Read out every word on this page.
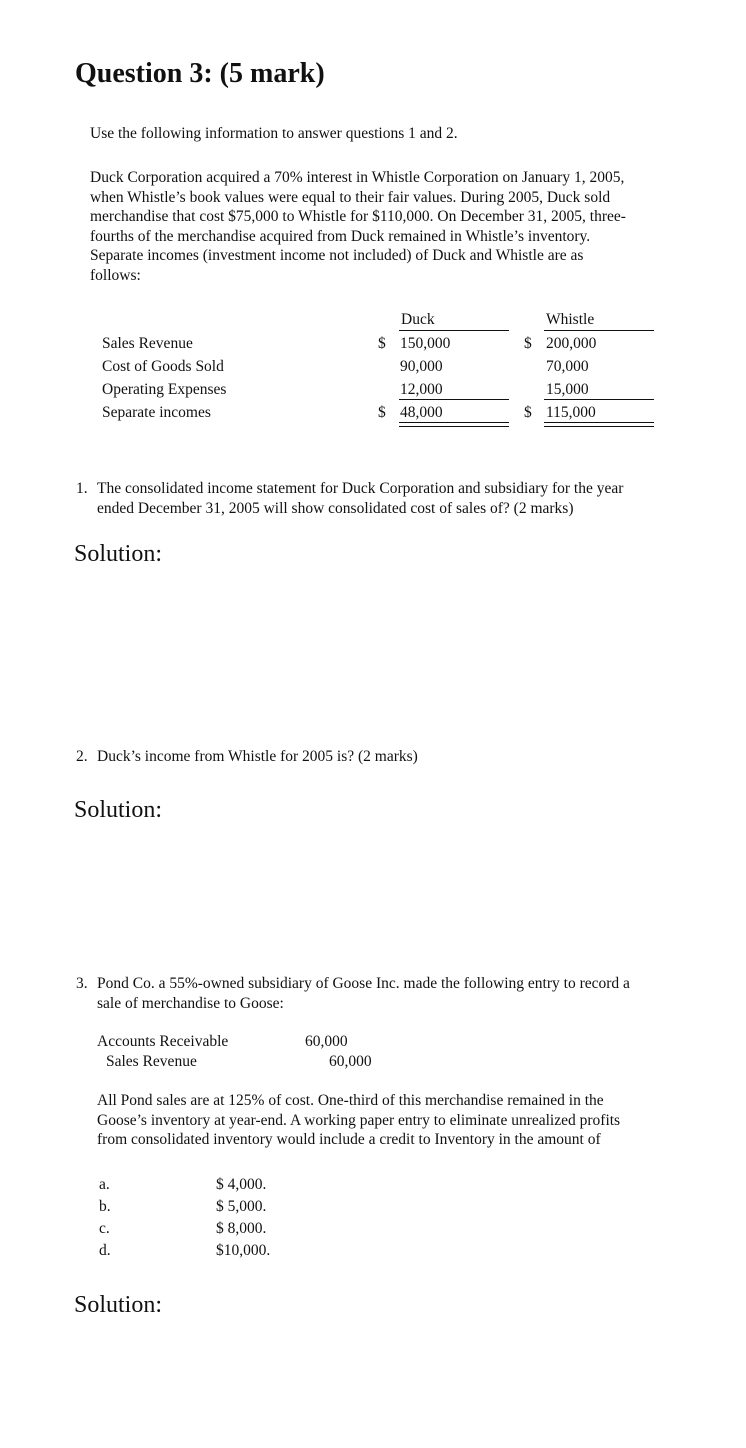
Question 3: (5 mark)
Use the following information to answer questions 1 and 2.
Duck Corporation acquired a 70% interest in Whistle Corporation on January 1, 2005,
when Whistle’s book values were equal to their fair values. During 2005, Duck sold
merchandise that cost $75,000 to Whistle for $110,000. On December 31, 2005, three-
fourths of the merchandise acquired from Duck remained in Whistle’s inventory.
Separate incomes (investment income not included) of Duck and Whistle are as
follows:
Duck	Whistle
Sales Revenue	$ 150,000	$ 200,000
Cost of Goods Sold	90,000	70,000
Operating Expenses	12,000	15,000
Separate incomes	$ 48,000	$ 115,000
1. The consolidated income statement for Duck Corporation and subsidiary for the year
ended December 31, 2005 will show consolidated cost of sales of? (2 marks)
Solution:
2. Duck’s income from Whistle for 2005 is? (2 marks)
Solution:
3. Pond Co. a 55%-owned subsidiary of Goose Inc. made the following entry to record a
sale of merchandise to Goose:
Accounts Receivable	60,000
Sales Revenue	60,000
All Pond sales are at 125% of cost. One-third of this merchandise remained in the
Goose’s inventory at year-end. A working paper entry to eliminate unrealized profits
from consolidated inventory would include a credit to Inventory in the amount of
a.	$ 4,000.
b.	$ 5,000.
c.	$ 8,000.
d.	$10,000.
Solution:
